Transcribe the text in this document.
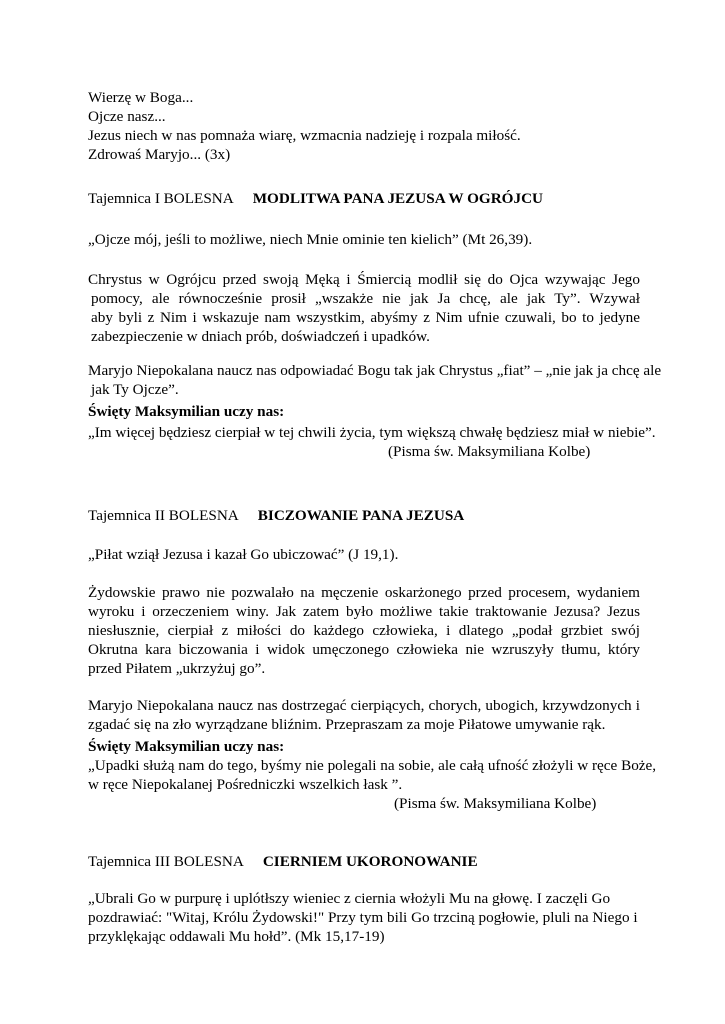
Wierzę w Boga...
Ojcze nasz...
Jezus niech w nas pomnaża wiarę, wzmacnia nadzieję i rozpala miłość.
Zdrowaś Maryjo... (3x)
Tajemnica I BOLESNA MODLITWA PANA JEZUSA W OGRÓJCU
„Ojcze mój, jeśli to możliwe, niech Mnie ominie ten kielich” (Mt 26,39).
Chrystus w Ogrójcu przed swoją Męką i Śmiercią modlił się do Ojca wzywając Jego
pomocy, ale równocześnie prosił „wszakże nie jak Ja chcę, ale jak Ty”. Wzywał
aby byli z Nim i wskazuje nam wszystkim, abyśmy z Nim ufnie czuwali, bo to jedyne
zabezpieczenie w dniach prób, doświadczeń i upadków.
Maryjo Niepokalana naucz nas odpowiadać Bogu tak jak Chrystus „fiat” – „nie jak ja chcę ale
jak Ty Ojcze”.
Święty Maksymilian uczy nas:
„Im więcej będziesz cierpiał w tej chwili życia, tym większą chwałę będziesz miał w niebie”.
(Pisma św. Maksymiliana Kolbe)
Tajemnica II BOLESNA BICZOWANIE PANA JEZUSA
„Piłat wziął Jezusa i kazał Go ubiczować” (J 19,1).
Żydowskie prawo nie pozwalało na męczenie oskarżonego przed procesem, wydaniem
wyroku i orzeczeniem winy. Jak zatem było możliwe takie traktowanie Jezusa? Jezus
niesłusznie, cierpiał z miłości do każdego człowieka, i dlatego „podał grzbiet swój
Okrutna kara biczowania i widok umęczonego człowieka nie wzruszyły tłumu, który
przed Piłatem „ukrzyżuj go”.
Maryjo Niepokalana naucz nas dostrzegać cierpiących, chorych, ubogich, krzywdzonych i
zgadać się na zło wyrządzane bliźnim. Przepraszam za moje Piłatowe umywanie rąk.
Święty Maksymilian uczy nas:
„Upadki służą nam do tego, byśmy nie polegali na sobie, ale całą ufność złożyli w ręce Boże,
w ręce Niepokalanej Pośredniczki wszelkich łask ”.
(Pisma św. Maksymiliana Kolbe)
Tajemnica III BOLESNA CIERNIEM UKORONOWANIE
„Ubrali Go w purpurę i uplótłszy wieniec z ciernia włożyli Mu na głowę. I zaczęli Go
pozdrawiać: "Witaj, Królu Żydowski!" Przy tym bili Go trzciną pogłowie, pluli na Niego i
przyklękając oddawali Mu hołd”. (Mk 15,17-19)
